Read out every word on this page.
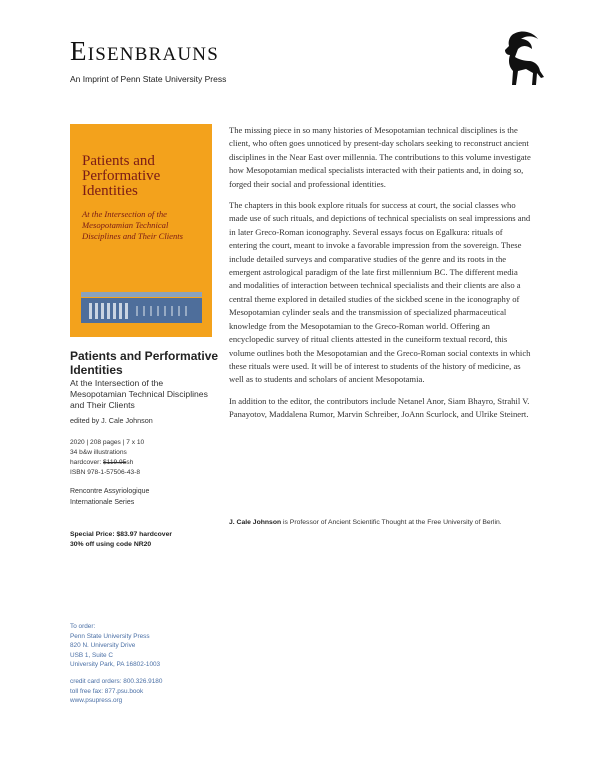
Eisenbrauns
An Imprint of Penn State University Press
Patients and Performative Identities
At the Intersection of the Mesopotamian Technical Disciplines and Their Clients
Patients and Performative Identities
At the Intersection of the Mesopotamian Technical Disciplines and Their Clients
edited by J. Cale Johnson
2020 | 208 pages | 7 x 10
34 b&w illustrations
hardcover: $119.95sh
ISBN 978-1-57506-43-8
Rencontre Assyriologique
Internationale Series
Special Price: $83.97 hardcover
30% off using code NR20
To order:
Penn State University Press
820 N. University Drive
USB 1, Suite C
University Park, PA 16802-1003
credit card orders: 800.326.9180
toll free fax: 877.psu.book
www.psupress.org

The missing piece in so many histories of Mesopotamian technical disciplines is the client, who often goes unnoticed by present-day scholars seeking to reconstruct ancient disciplines in the Near East over millennia. The contributions to this volume investigate how Mesopotamian medical specialists interacted with their patients and, in doing so, forged their social and professional identities.

The chapters in this book explore rituals for success at court, the social classes who made use of such rituals, and depictions of technical specialists on seal impressions and in later Greco-Roman iconography. Several essays focus on Egalkura: rituals of entering the court, meant to invoke a favorable impression from the sovereign. These include detailed surveys and comparative studies of the genre and its roots in the emergent astrological paradigm of the late first millennium BC. The different media and modalities of interaction between technical specialists and their clients are also a central theme explored in detailed studies of the sickbed scene in the iconography of Mesopotamian cylinder seals and the transmission of specialized pharmaceutical knowledge from the Mesopotamian to the Greco-Roman world. Offering an encyclopedic survey of ritual clients attested in the cuneiform textual record, this volume outlines both the Mesopotamian and the Greco-Roman social contexts in which these rituals were used. It will be of interest to students of the history of medicine, as well as to students and scholars of ancient Mesopotamia.

In addition to the editor, the contributors include Netanel Anor, Siam Bhayro, Strahil V. Panayotov, Maddalena Rumor, Marvin Schreiber, JoAnn Scurlock, and Ulrike Steinert.

J. Cale Johnson is Professor of Ancient Scientific Thought at the Free University of Berlin.
